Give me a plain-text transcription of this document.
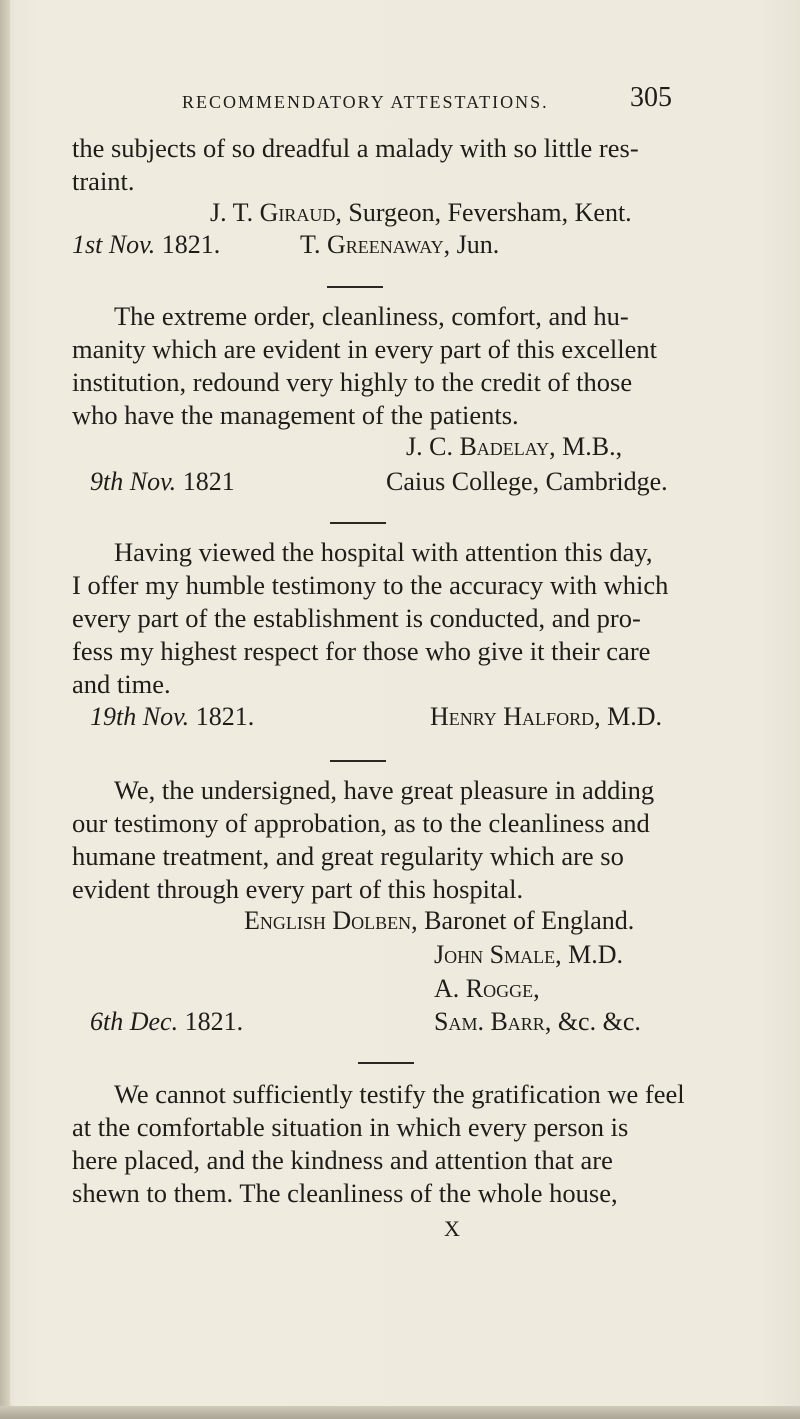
RECOMMENDATORY ATTESTATIONS.	305
the subjects of so dreadful a malady with so little res-
traint.
J. T. Giraud, Surgeon, Feversham, Kent.
1st Nov. 1821.	T. Greenaway, Jun.
The extreme order, cleanliness, comfort, and hu-
manity which are evident in every part of this excellent
institution, redound very highly to the credit of those
who have the management of the patients.
J. C. Badelay, M.B.,
9th Nov. 1821	Caius College, Cambridge.
Having viewed the hospital with attention this day,
I offer my humble testimony to the accuracy with which
every part of the establishment is conducted, and pro-
fess my highest respect for those who give it their care
and time.
19th Nov. 1821.	Henry Halford, M.D.
We, the undersigned, have great pleasure in adding
our testimony of approbation, as to the cleanliness and
humane treatment, and great regularity which are so
evident through every part of this hospital.
English Dolben, Baronet of England.
John Smale, M.D.
A. Rogge,
6th Dec. 1821.	Sam. Barr, &c. &c.
We cannot sufficiently testify the gratification we feel
at the comfortable situation in which every person is
here placed, and the kindness and attention that are
shewn to them. The cleanliness of the whole house,
X
